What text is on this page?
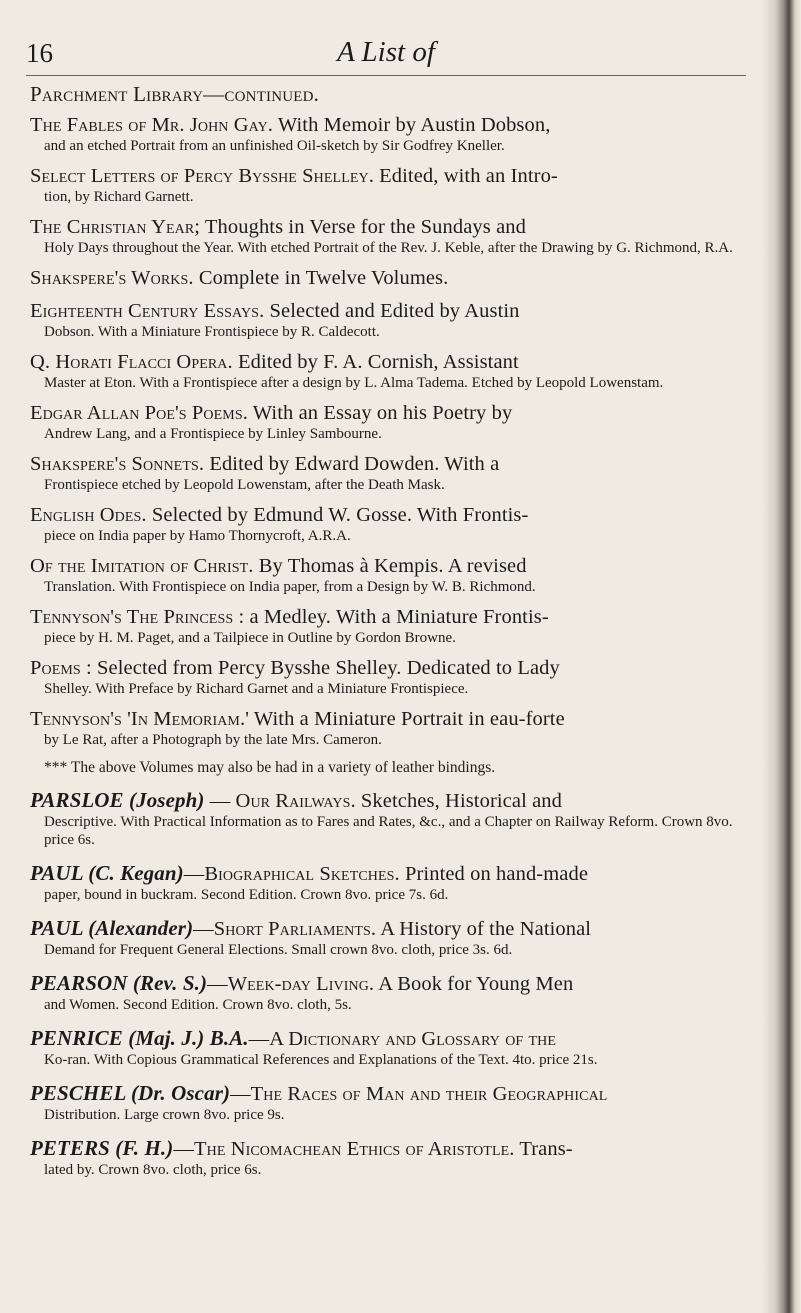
16	A List of
Parchment Library—continued.
The Fables of Mr. John Gay. With Memoir by Austin Dobson,
and an etched Portrait from an unfinished Oil-sketch by Sir Godfrey Kneller.
Select Letters of Percy Bysshe Shelley. Edited, with an Intro-
tion, by Richard Garnett.
The Christian Year; Thoughts in Verse for the Sundays and
Holy Days throughout the Year. With etched Portrait of the Rev. J. Keble, after the Drawing by G. Richmond, R.A.
Shakspere's Works. Complete in Twelve Volumes.
Eighteenth Century Essays. Selected and Edited by Austin
Dobson. With a Miniature Frontispiece by R. Caldecott.
Q. Horati Flacci Opera. Edited by F. A. Cornish, Assistant
Master at Eton. With a Frontispiece after a design by L. Alma Tadema. Etched by Leopold Lowenstam.
Edgar Allan Poe's Poems. With an Essay on his Poetry by
Andrew Lang, and a Frontispiece by Linley Sambourne.
Shakspere's Sonnets. Edited by Edward Dowden. With a
Frontispiece etched by Leopold Lowenstam, after the Death Mask.
English Odes. Selected by Edmund W. Gosse. With Frontis-
piece on India paper by Hamo Thornycroft, A.R.A.
Of the Imitation of Christ. By Thomas à Kempis. A revised
Translation. With Frontispiece on India paper, from a Design by W. B. Richmond.
Tennyson's The Princess : a Medley. With a Miniature Frontis-
piece by H. M. Paget, and a Tailpiece in Outline by Gordon Browne.
Poems : Selected from Percy Bysshe Shelley. Dedicated to Lady
Shelley. With Preface by Richard Garnet and a Miniature Frontispiece.
Tennyson's 'In Memoriam.' With a Miniature Portrait in eau-forte
by Le Rat, after a Photograph by the late Mrs. Cameron.
*** The above Volumes may also be had in a variety of leather bindings.
PARSLOE (Joseph) — Our Railways. Sketches, Historical and
Descriptive. With Practical Information as to Fares and Rates, &c., and a Chapter on Railway Reform. Crown 8vo. price 6s.
PAUL (C. Kegan)—Biographical Sketches. Printed on hand-made
paper, bound in buckram. Second Edition. Crown 8vo. price 7s. 6d.
PAUL (Alexander)—Short Parliaments. A History of the National
Demand for Frequent General Elections. Small crown 8vo. cloth, price 3s. 6d.
PEARSON (Rev. S.)—Week-day Living. A Book for Young Men
and Women. Second Edition. Crown 8vo. cloth, 5s.
PENRICE (Maj. J.) B.A.—A Dictionary and Glossary of the
Ko-ran. With Copious Grammatical References and Explanations of the Text. 4to. price 21s.
PESCHEL (Dr. Oscar)—The Races of Man and their Geographical
Distribution. Large crown 8vo. price 9s.
PETERS (F. H.)—The Nicomachean Ethics of Aristotle. Trans-
lated by. Crown 8vo. cloth, price 6s.
